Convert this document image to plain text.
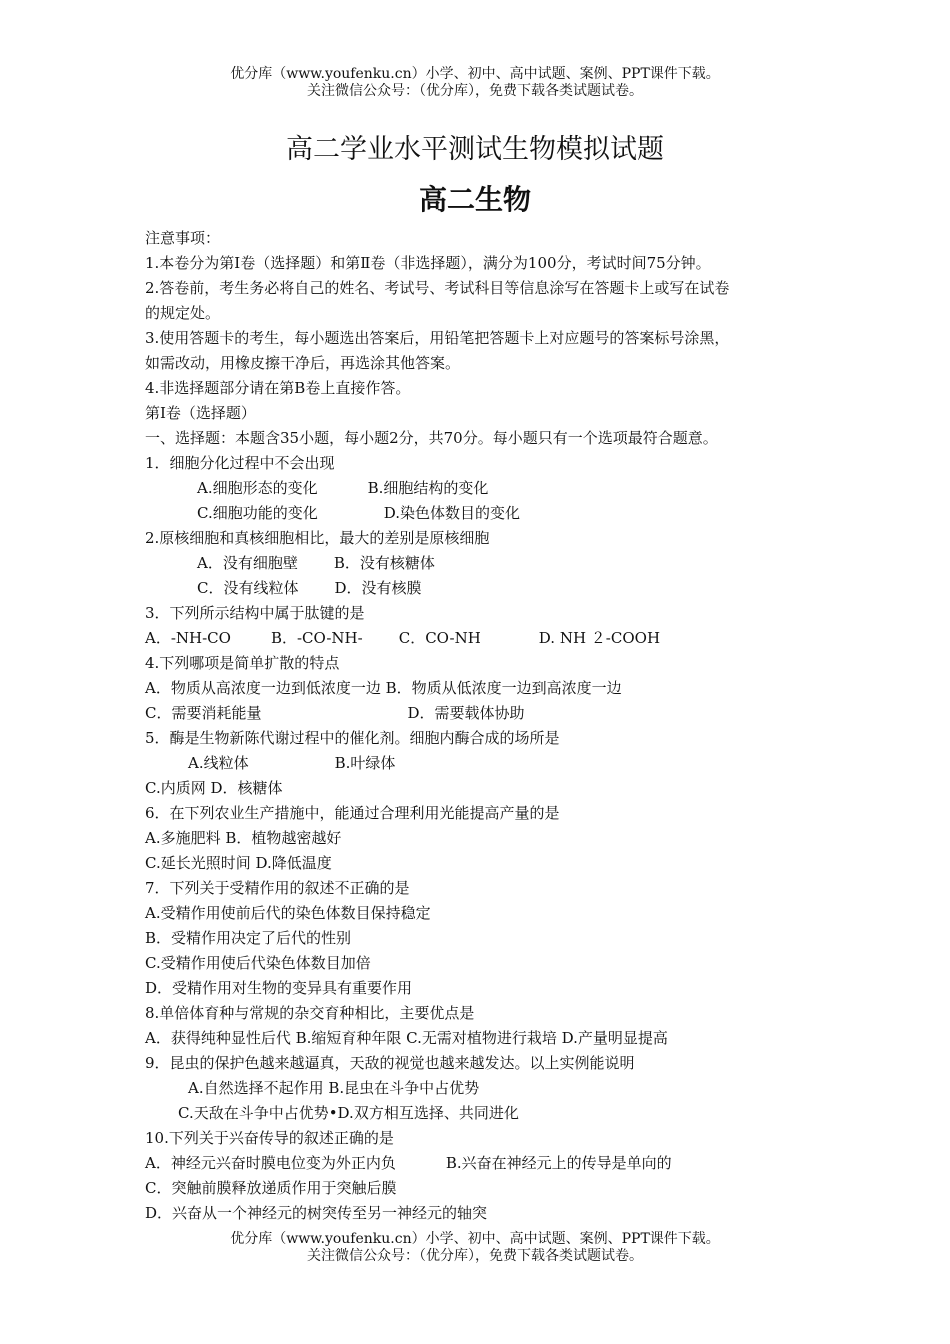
优分库（www.youfenku.cn）小学、初中、高中试题、案例、PPT课件下载。
关注微信公众号：（优分库），免费下载各类试题试卷。
高二学业水平测试生物模拟试题
高二生物
注意事项：
1.本卷分为第Ⅰ卷（选择题）和第Ⅱ卷（非选择题），满分为100分，考试时间75分钟。
2.答卷前，考生务必将自己的姓名、考试号、考试科目等信息涂写在答题卡上或写在试卷
的规定处。
3.使用答题卡的考生，每小题选出答案后，用铅笔把答题卡上对应题号的答案标号涂黑，
如需改动，用橡皮擦干净后，再选涂其他答案。
4.非选择题部分请在第B卷上直接作答。
第Ⅰ卷（选择题）
一、选择题：本题含35小题，每小题2分，共70分。每小题只有一个选项最符合题意。
1．细胞分化过程中不会出现
A.细胞形态的变化	B.细胞结构的变化
C.细胞功能的变化	D.染色体数目的变化
2.原核细胞和真核细胞相比，最大的差别是原核细胞
A．没有细胞壁 B．没有核糖体
C．没有线粒体 D．没有核膜
3．下列所示结构中属于肽键的是
A．-NH-CO	B．-CO-NH- C．CO-NH	D. NH ２-COOH
4.下列哪项是简单扩散的特点
A．物质从高浓度一边到低浓度一边 B．物质从低浓度一边到高浓度一边
C．需要消耗能量	D．需要载体协助
5．酶是生物新陈代谢过程中的催化剂。细胞内酶合成的场所是
A.线粒体	B.叶绿体
C.内质网 D．核糖体
6．在下列农业生产措施中，能通过合理利用光能提高产量的是
A.多施肥料 B．植物越密越好
C.延长光照时间 D.降低温度
7．下列关于受精作用的叙述不正确的是
A.受精作用使前后代的染色体数目保持稳定
B．受精作用决定了后代的性别
C.受精作用使后代染色体数目加倍
D．受精作用对生物的变异具有重要作用
8.单倍体育种与常规的杂交育种相比，主要优点是
A．获得纯种显性后代 B.缩短育种年限 C.无需对植物进行栽培 D.产量明显提高
9．昆虫的保护色越来越逼真，天敌的视觉也越来越发达。以上实例能说明
A.自然选择不起作用 B.昆虫在斗争中占优势
C.天敌在斗争中占优势•D.双方相互选择、共同进化
10.下列关于兴奋传导的叙述正确的是
A．神经元兴奋时膜电位变为外正内负	B.兴奋在神经元上的传导是单向的
C．突触前膜释放递质作用于突触后膜
D．兴奋从一个神经元的树突传至另一神经元的轴突
优分库（www.youfenku.cn）小学、初中、高中试题、案例、PPT课件下载。
关注微信公众号：（优分库），免费下载各类试题试卷。
